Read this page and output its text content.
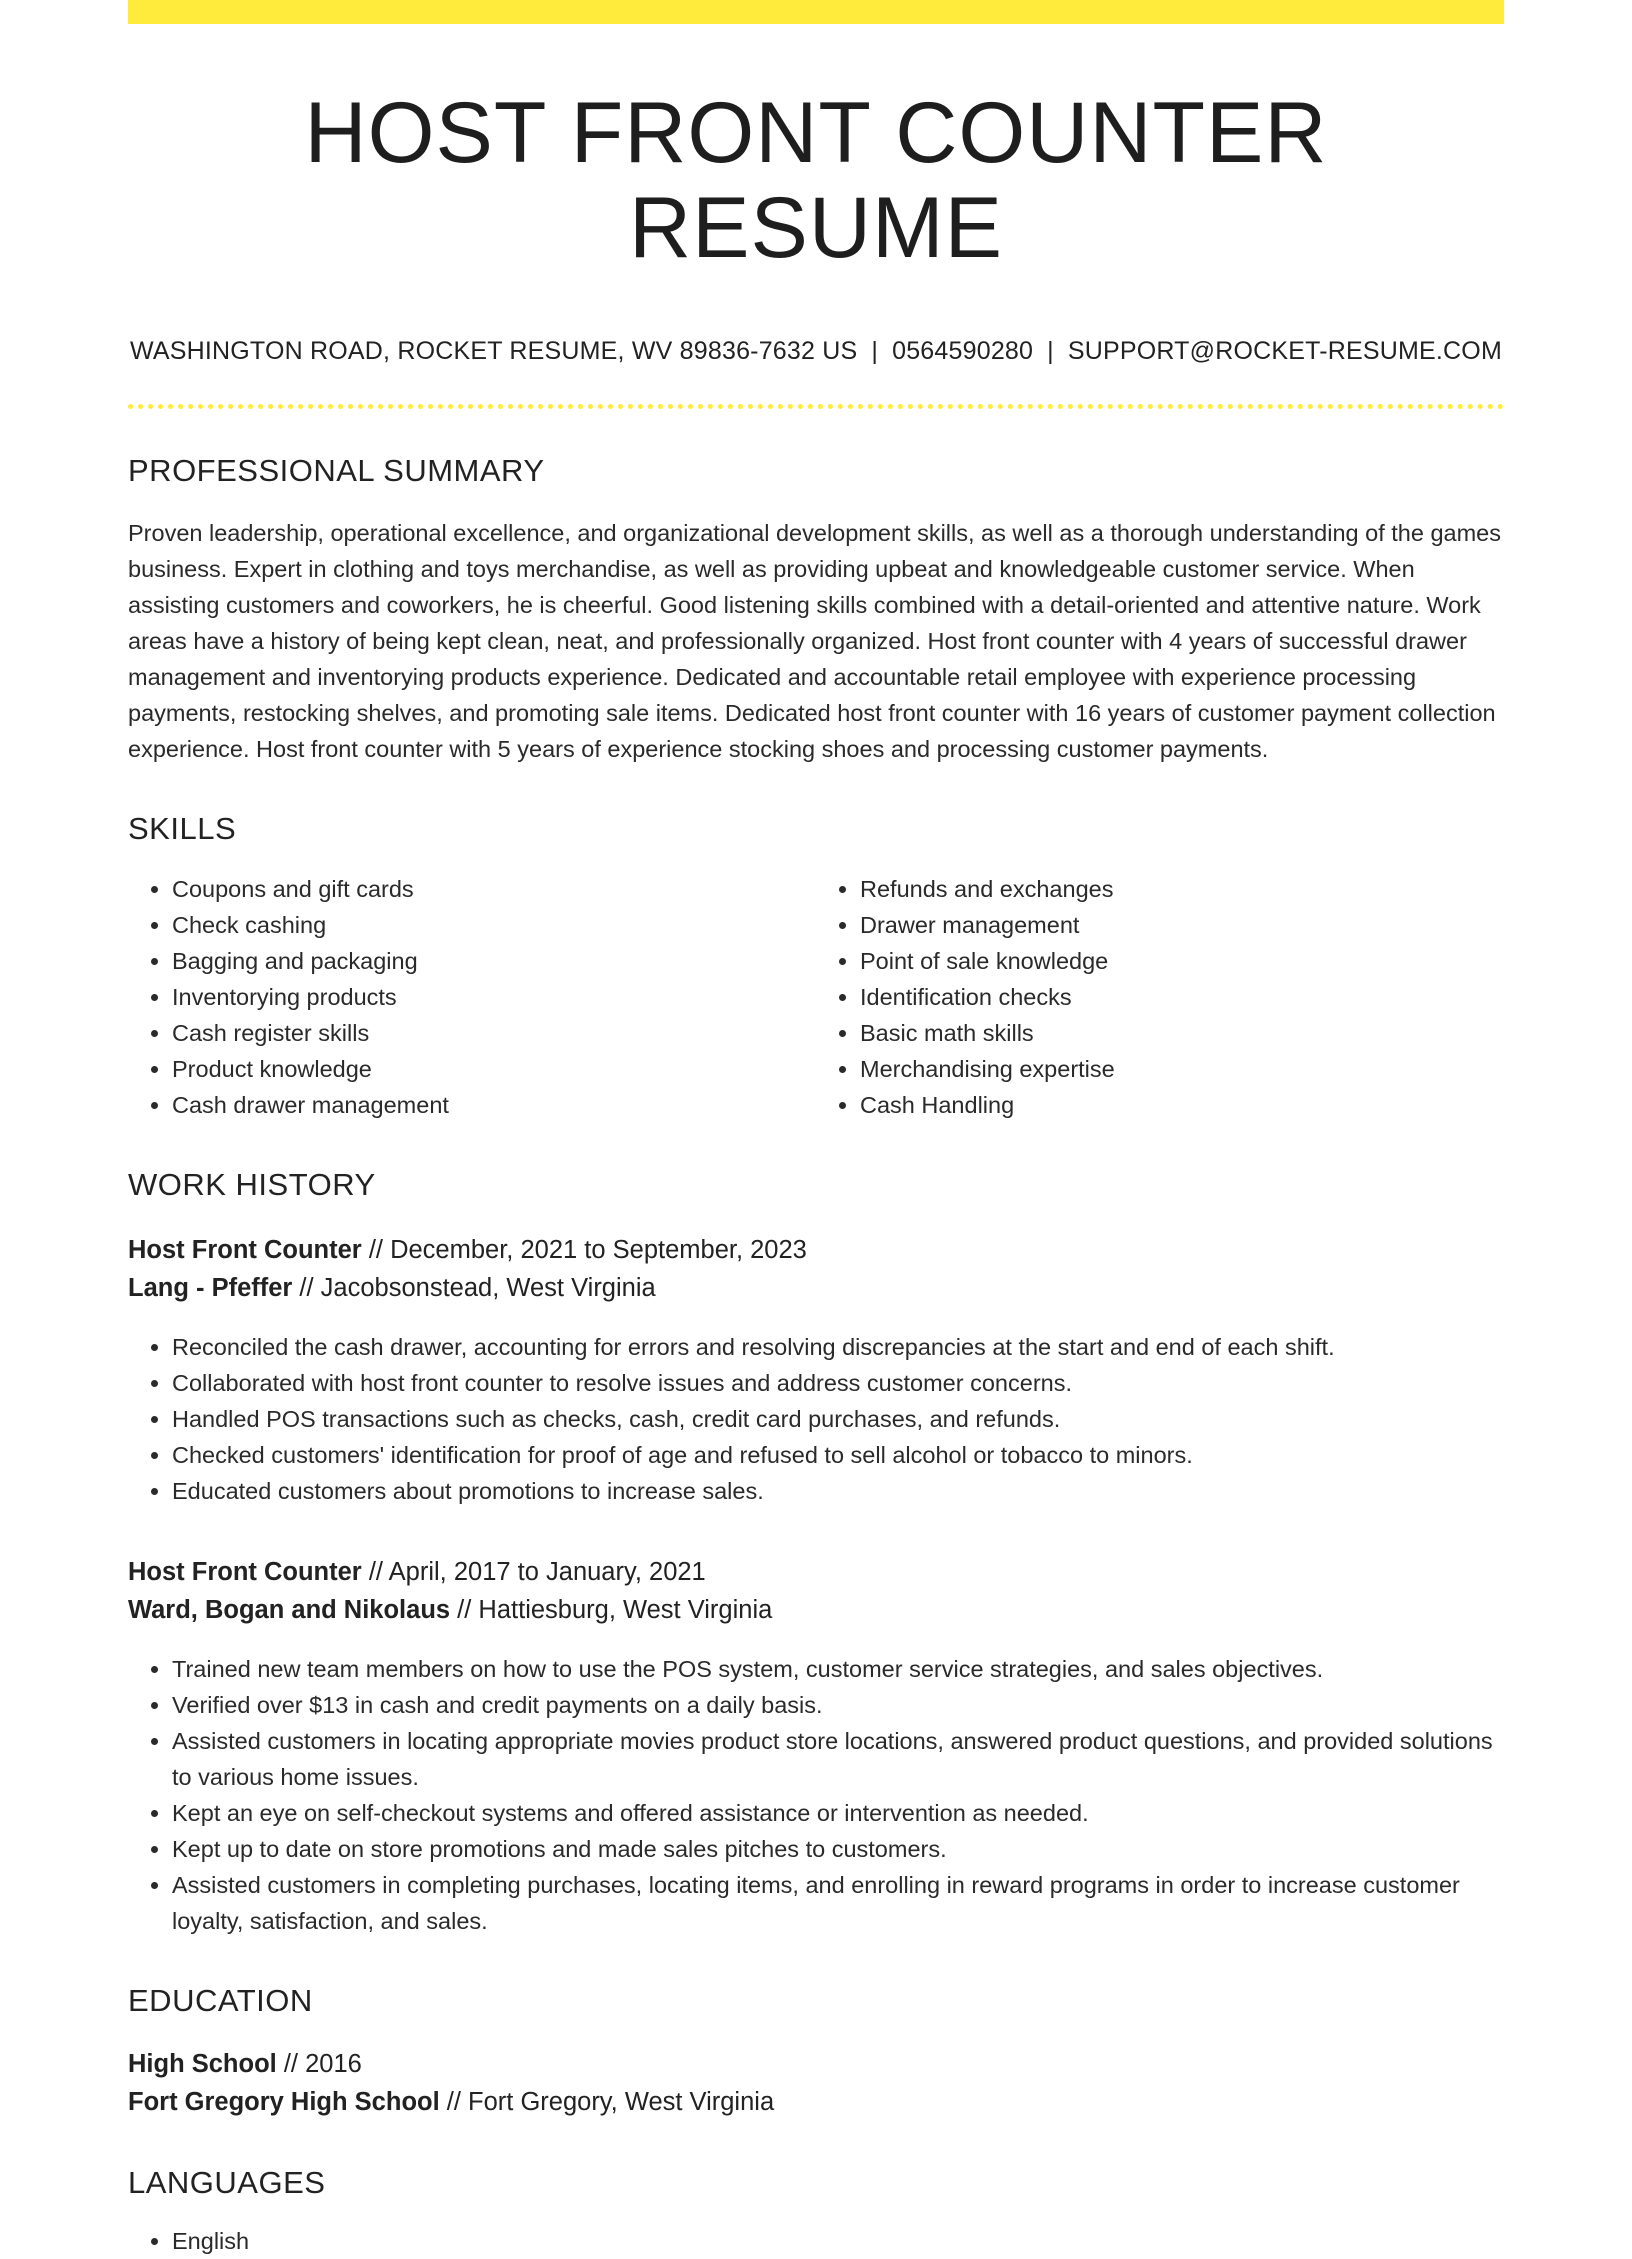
HOST FRONT COUNTER RESUME
WASHINGTON ROAD, ROCKET RESUME, WV 89836-7632 US | 0564590280 | SUPPORT@ROCKET-RESUME.COM
PROFESSIONAL SUMMARY

Proven leadership, operational excellence, and organizational development skills, as well as a thorough understanding of the games business. Expert in clothing and toys merchandise, as well as providing upbeat and knowledgeable customer service. When assisting customers and coworkers, he is cheerful. Good listening skills combined with a detail-oriented and attentive nature. Work areas have a history of being kept clean, neat, and professionally organized. Host front counter with 4 years of successful drawer management and inventorying products experience. Dedicated and accountable retail employee with experience processing payments, restocking shelves, and promoting sale items. Dedicated host front counter with 16 years of customer payment collection experience. Host front counter with 5 years of experience stocking shoes and processing customer payments.

SKILLS
• Coupons and gift cards
• Check cashing
• Bagging and packaging
• Inventorying products
• Cash register skills
• Product knowledge
• Cash drawer management
• Refunds and exchanges
• Drawer management
• Point of sale knowledge
• Identification checks
• Basic math skills
• Merchandising expertise
• Cash Handling
WORK HISTORY
Host Front Counter // December, 2021 to September, 2023
Lang - Pfeffer // Jacobsonstead, West Virginia
• Reconciled the cash drawer, accounting for errors and resolving discrepancies at the start and end of each shift.
• Collaborated with host front counter to resolve issues and address customer concerns.
• Handled POS transactions such as checks, cash, credit card purchases, and refunds.
• Checked customers' identification for proof of age and refused to sell alcohol or tobacco to minors.
• Educated customers about promotions to increase sales.
Host Front Counter // April, 2017 to January, 2021
Ward, Bogan and Nikolaus // Hattiesburg, West Virginia
• Trained new team members on how to use the POS system, customer service strategies, and sales objectives.
• Verified over $13 in cash and credit payments on a daily basis.
• Assisted customers in locating appropriate movies product store locations, answered product questions, and provided solutions to various home issues.
• Kept an eye on self-checkout systems and offered assistance or intervention as needed.
• Kept up to date on store promotions and made sales pitches to customers.
• Assisted customers in completing purchases, locating items, and enrolling in reward programs in order to increase customer loyalty, satisfaction, and sales.
EDUCATION
High School // 2016
Fort Gregory High School // Fort Gregory, West Virginia
LANGUAGES
• English
